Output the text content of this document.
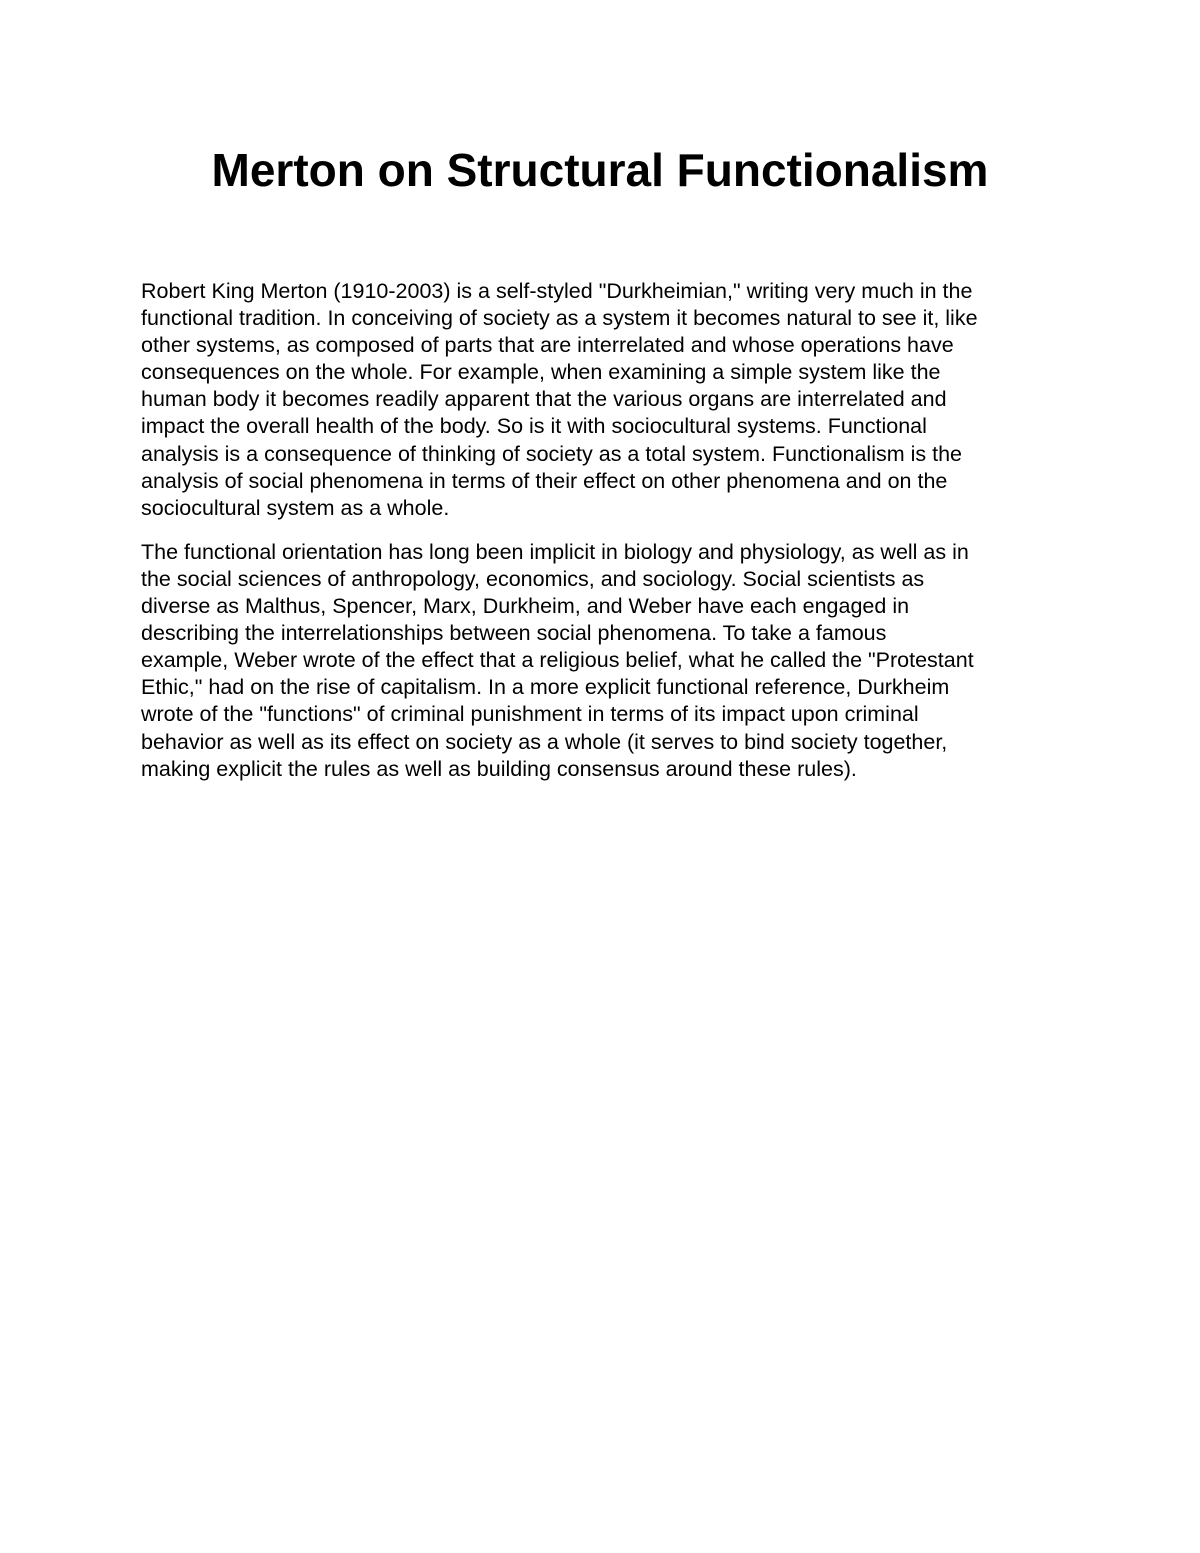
Merton on Structural Functionalism

Robert King Merton (1910-2003) is a self-styled "Durkheimian," writing very much in the
functional tradition. In conceiving of society as a system it becomes natural to see it, like
other systems, as composed of parts that are interrelated and whose operations have
consequences on the whole. For example, when examining a simple system like the
human body it becomes readily apparent that the various organs are interrelated and
impact the overall health of the body. So is it with sociocultural systems. Functional
analysis is a consequence of thinking of society as a total system. Functionalism is the
analysis of social phenomena in terms of their effect on other phenomena and on the
sociocultural system as a whole.

The functional orientation has long been implicit in biology and physiology, as well as in
the social sciences of anthropology, economics, and sociology. Social scientists as
diverse as Malthus, Spencer, Marx, Durkheim, and Weber have each engaged in
describing the interrelationships between social phenomena. To take a famous
example, Weber wrote of the effect that a religious belief, what he called the "Protestant
Ethic," had on the rise of capitalism. In a more explicit functional reference, Durkheim
wrote of the "functions" of criminal punishment in terms of its impact upon criminal
behavior as well as its effect on society as a whole (it serves to bind society together,
making explicit the rules as well as building consensus around these rules).
